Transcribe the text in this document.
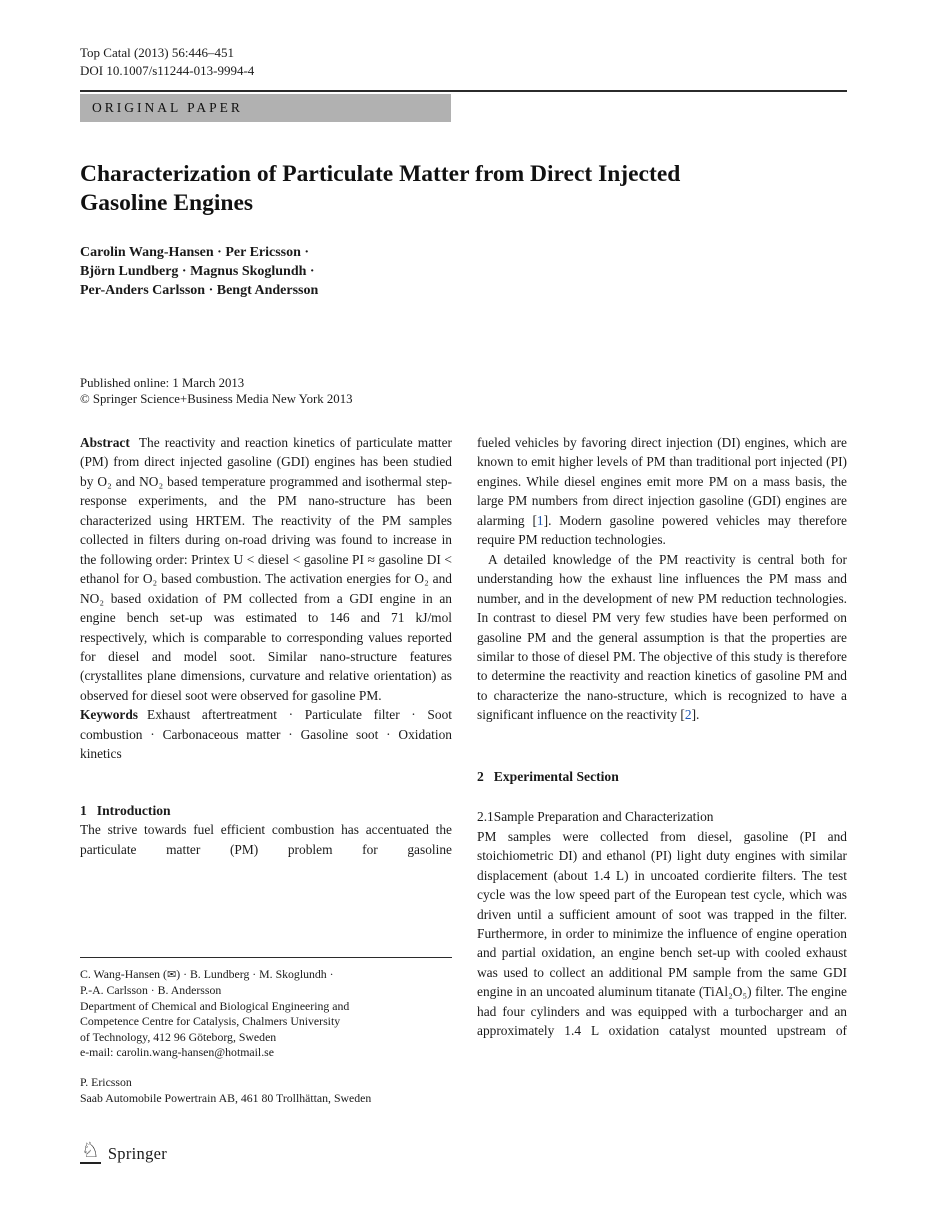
Top Catal (2013) 56:446–451
DOI 10.1007/s11244-013-9994-4
ORIGINAL PAPER
Characterization of Particulate Matter from Direct Injected Gasoline Engines
Carolin Wang-Hansen · Per Ericsson ·
Björn Lundberg · Magnus Skoglundh ·
Per-Anders Carlsson · Bengt Andersson
Published online: 1 March 2013
© Springer Science+Business Media New York 2013

Abstract The reactivity and reaction kinetics of particulate matter (PM) from direct injected gasoline (GDI) engines has been studied by O₂ and NO₂ based temperature programmed and isothermal step-response experiments, and the PM nano-structure has been characterized using HRTEM. The reactivity of the PM samples collected in filters during on-road driving was found to increase in the following order: Printex U < diesel < gasoline PI ≈ gasoline DI < ethanol for O₂ based combustion. The activation energies for O₂ and NO₂ based oxidation of PM collected from a GDI engine in an engine bench set-up was estimated to 146 and 71 kJ/mol respectively, which is comparable to corresponding values reported for diesel and model soot. Similar nano-structure features (crystallites plane dimensions, curvature and relative orientation) as observed for diesel soot were observed for gasoline PM.

Keywords Exhaust aftertreatment · Particulate filter · Soot combustion · Carbonaceous matter · Gasoline soot · Oxidation kinetics

1 Introduction

The strive towards fuel efficient combustion has accentuated the particulate matter (PM) problem for gasoline

fueled vehicles by favoring direct injection (DI) engines, which are known to emit higher levels of PM than traditional port injected (PI) engines. While diesel engines emit more PM on a mass basis, the large PM numbers from direct injection gasoline (GDI) engines are alarming [1]. Modern gasoline powered vehicles may therefore require PM reduction technologies.

A detailed knowledge of the PM reactivity is central both for understanding how the exhaust line influences the PM mass and number, and in the development of new PM reduction technologies. In contrast to diesel PM very few studies have been performed on gasoline PM and the general assumption is that the properties are similar to those of diesel PM. The objective of this study is therefore to determine the reactivity and reaction kinetics of gasoline PM and to characterize the nano-structure, which is recognized to have a significant influence on the reactivity [2].

2 Experimental Section
2.1Sample Preparation and Characterization

PM samples were collected from diesel, gasoline (PI and stoichiometric DI) and ethanol (PI) light duty engines with similar displacement (about 1.4 L) in uncoated cordierite filters. The test cycle was the low speed part of the European test cycle, which was driven until a sufficient amount of soot was trapped in the filter. Furthermore, in order to minimize the influence of engine operation and partial oxidation, an engine bench set-up with cooled exhaust was used to collect an additional PM sample from the same GDI engine in an uncoated aluminum titanate (TiAl₂O₅) filter. The engine had four cylinders and was equipped with a turbocharger and an approximately 1.4 L oxidation catalyst mounted upstream of

C. Wang-Hansen (✉) · B. Lundberg · M. Skoglundh ·
P.-A. Carlsson · B. Andersson
Department of Chemical and Biological Engineering and
Competence Centre for Catalysis, Chalmers University
of Technology, 412 96 Göteborg, Sweden
e-mail: carolin.wang-hansen@hotmail.se
P. Ericsson
Saab Automobile Powertrain AB, 461 80 Trollhättan, Sweden
♘ Springer
